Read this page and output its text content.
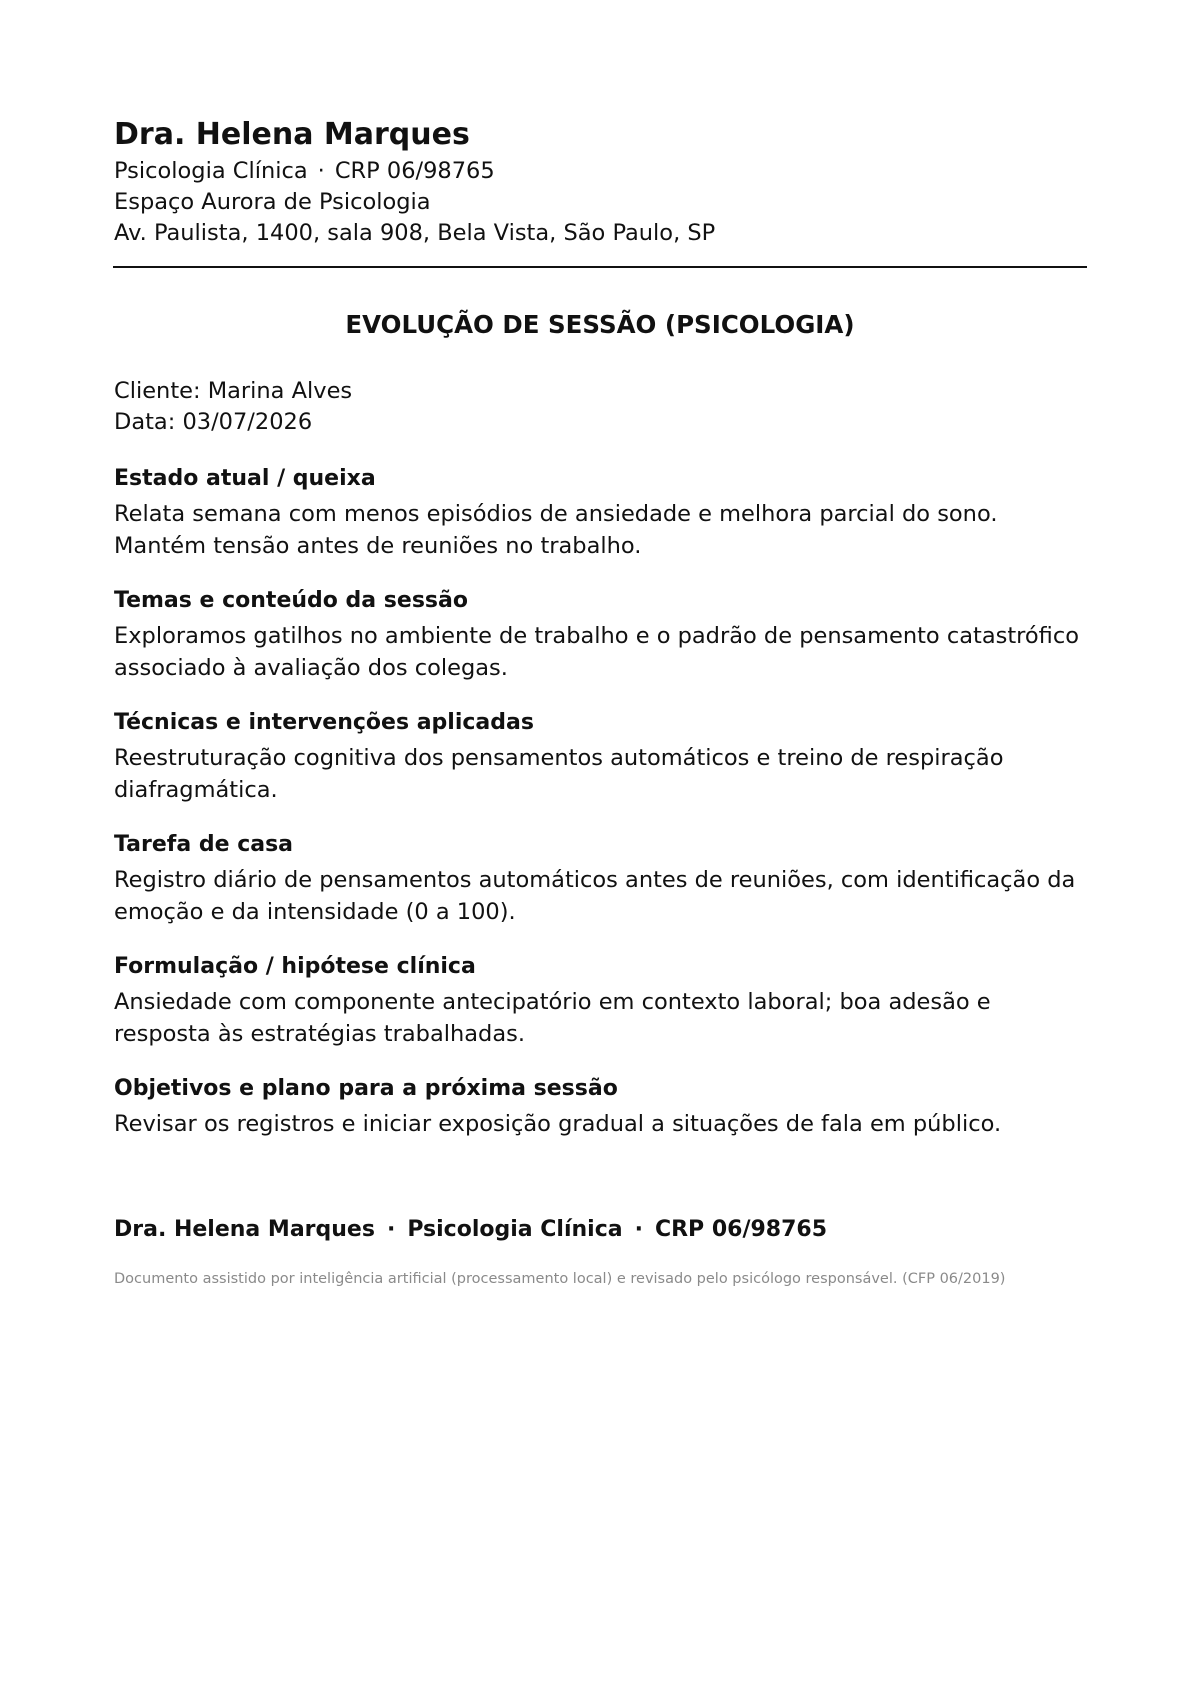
Dra. Helena Marques
Psicologia Clínica · CRP 06/98765
Espaço Aurora de Psicologia
Av. Paulista, 1400, sala 908, Bela Vista, São Paulo, SP
EVOLUÇÃO DE SESSÃO (PSICOLOGIA)
Cliente: Marina Alves
Data: 03/07/2026
Estado atual / queixa

Relata semana com menos episódios de ansiedade e melhora parcial do sono. Mantém tensão antes de reuniões no trabalho.

Temas e conteúdo da sessão

Exploramos gatilhos no ambiente de trabalho e o padrão de pensamento catastrófico associado à avaliação dos colegas.

Técnicas e intervenções aplicadas

Reestruturação cognitiva dos pensamentos automáticos e treino de respiração diafragmática.

Tarefa de casa

Registro diário de pensamentos automáticos antes de reuniões, com identificação da emoção e da intensidade (0 a 100).

Formulação / hipótese clínica

Ansiedade com componente antecipatório em contexto laboral; boa adesão e resposta às estratégias trabalhadas.

Objetivos e plano para a próxima sessão

Revisar os registros e iniciar exposição gradual a situações de fala em público.

Dra. Helena Marques · Psicologia Clínica · CRP 06/98765
Documento assistido por inteligência artificial (processamento local) e revisado pelo psicólogo responsável. (CFP 06/2019)
